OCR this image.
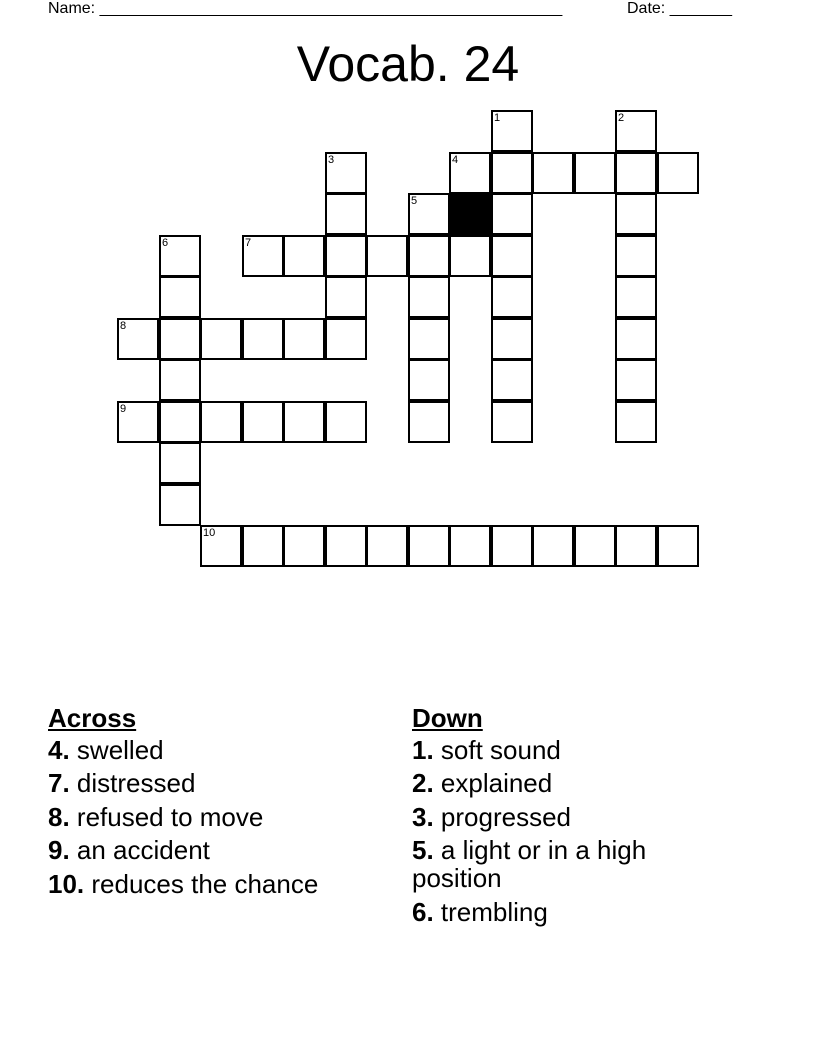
Name: ____________________________________________________	Date: _______
Vocab. 24
1	2
3	4
5
6	7
8
9
10
Across
4. swelled
7. distressed
8. refused to move
9. an accident
10. reduces the chance
Down
1. soft sound
2. explained
3. progressed
5. a light or in a high position
6. trembling
